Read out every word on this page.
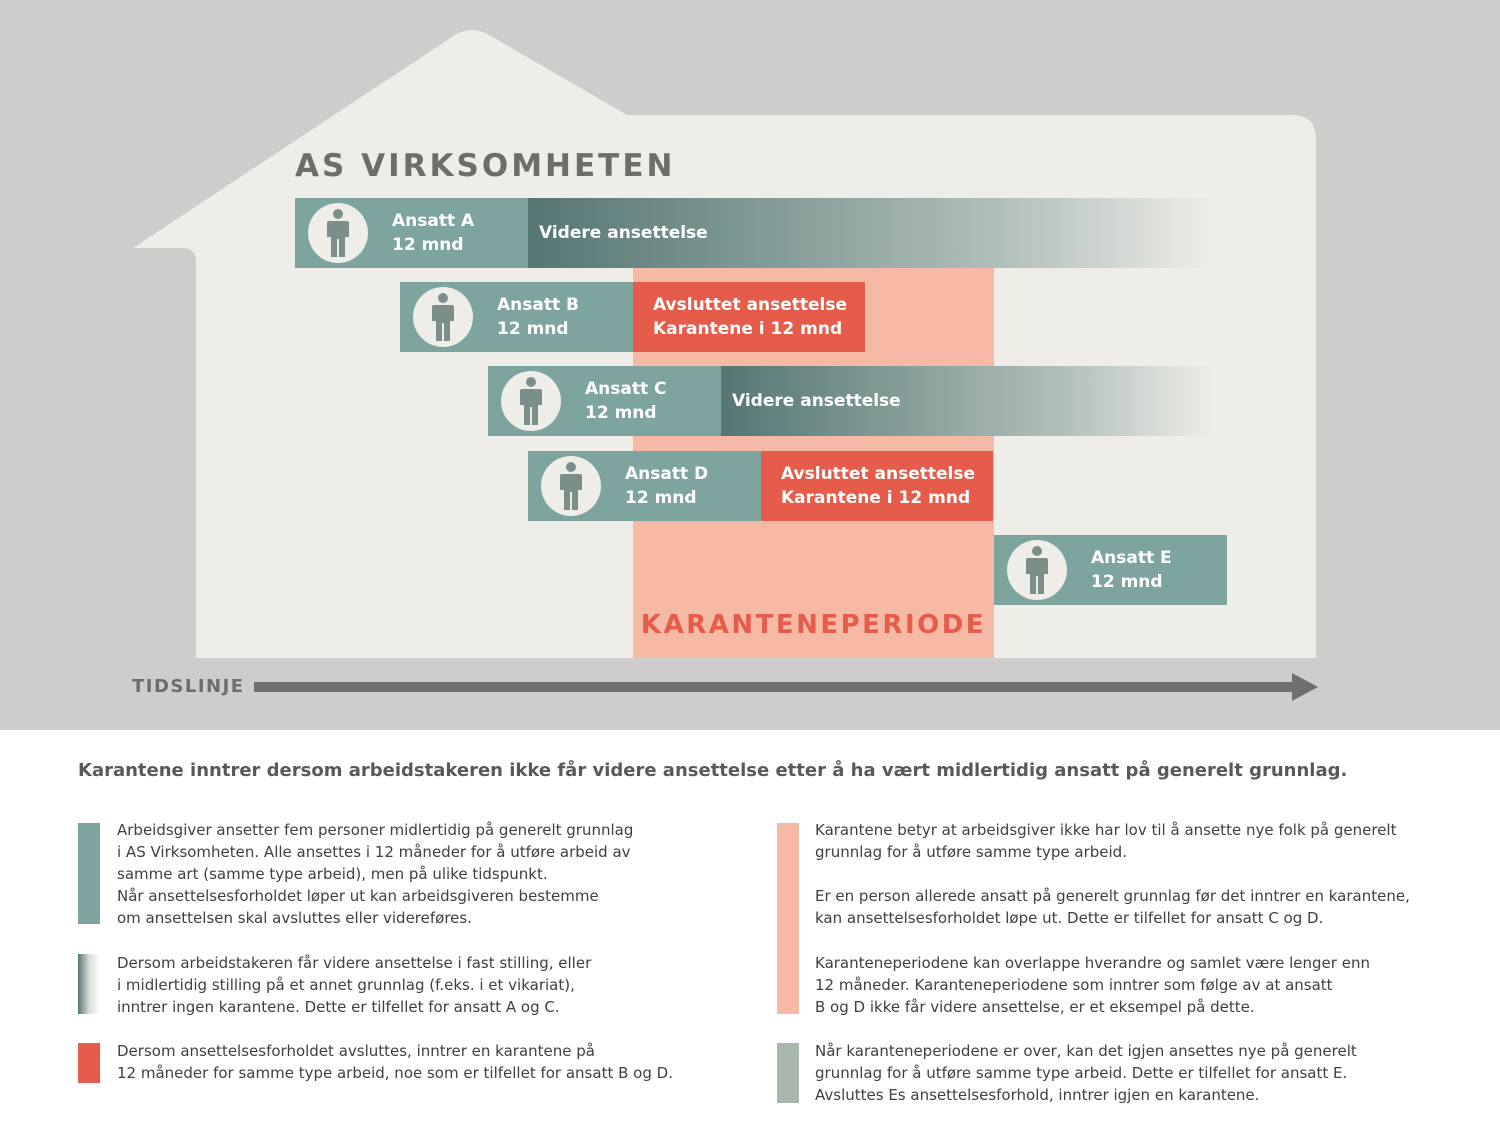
AS VIRKSOMHETEN
KARANTENEPERIODE
Ansatt A
12 mnd
Videre ansettelse
Ansatt B
12 mnd
Avsluttet ansettelse
Karantene i 12 mnd
Ansatt C
12 mnd
Videre ansettelse
Ansatt D
12 mnd
Avsluttet ansettelse
Karantene i 12 mnd
Ansatt E
12 mnd
TIDSLINJE
Karantene inntrer dersom arbeidstakeren ikke får videre ansettelse etter å ha vært midlertidig ansatt på generelt grunnlag.
Arbeidsgiver ansetter fem personer midlertidig på generelt grunnlag
i AS Virksomheten. Alle ansettes i 12 måneder for å utføre arbeid av
samme art (samme type arbeid), men på ulike tidspunkt.
Når ansettelsesforholdet løper ut kan arbeidsgiveren bestemme
om ansettelsen skal avsluttes eller videreføres.
Dersom arbeidstakeren får videre ansettelse i fast stilling, eller
i midlertidig stilling på et annet grunnlag (f.eks. i et vikariat),
inntrer ingen karantene. Dette er tilfellet for ansatt A og C.
Dersom ansettelsesforholdet avsluttes, inntrer en karantene på
12 måneder for samme type arbeid, noe som er tilfellet for ansatt B og D.
Karantene betyr at arbeidsgiver ikke har lov til å ansette nye folk på generelt
grunnlag for å utføre samme type arbeid.
Er en person allerede ansatt på generelt grunnlag før det inntrer en karantene,
kan ansettelsesforholdet løpe ut. Dette er tilfellet for ansatt C og D.
Karanteneperiodene kan overlappe hverandre og samlet være lenger enn
12 måneder. Karanteneperiodene som inntrer som følge av at ansatt
B og D ikke får videre ansettelse, er et eksempel på dette.
Når karanteneperiodene er over, kan det igjen ansettes nye på generelt
grunnlag for å utføre samme type arbeid. Dette er tilfellet for ansatt E.
Avsluttes Es ansettelsesforhold, inntrer igjen en karantene.
